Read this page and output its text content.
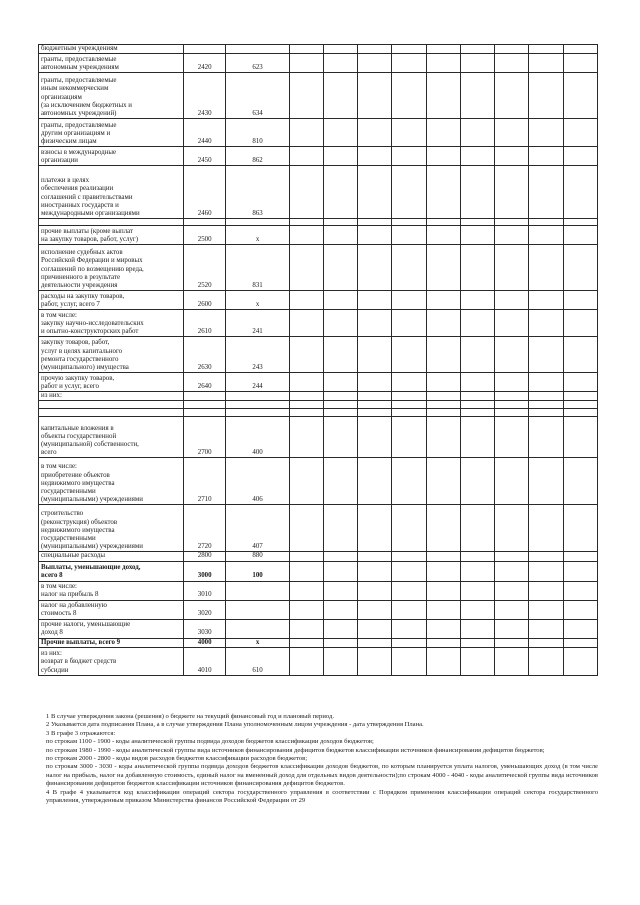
бюджетным учреждениям											
гранты, предоставляемые
автономным учреждениям	2420	623									
гранты, предоставляемые
иным некоммерческим
организациям
(за исключением бюджетных и
автономных учреждений)	2430	634									
гранты, предоставляемые
другим организациям и
физическим лицам	2440	810									
взносы в международные
организации	2450	862									
платежи в целях
обеспечения реализации
соглашений с правительствами
иностранных государств и
международными организациями	2460	863									

прочие выплаты (кроме выплат
на закупку товаров, работ, услуг)	2500	х									
исполнение судебных актов
Российской Федерации и мировых
соглашений по возмещению вреда,
причиненного в результате
деятельности учреждения	2520	831									
расходы на закупку товаров,
работ, услуг, всего 7	2600	х									
в том числе:
закупку научно-исследовательских
и опытно-конструкторских работ	2610	241									
закупку товаров, работ,
услуг в целях капитального
ремонта государственного
(муниципального) имущества	2630	243									
прочую закупку товаров,
работ и услуг, всего	2640	244									
из них:											

капитальные вложения в
объекты государственной
(муниципальной) собственности,
всего	2700	400									
в том числе:
приобретение объектов
недвижимого имущества
государственными
(муниципальными) учреждениями	2710	406									
строительство
(реконструкция) объектов
недвижимого имущества
государственными
(муниципальными) учреждениями	2720	407									
специальные расходы	2800	880									
Выплаты, уменьшающие доход,
всего 8	3000	100									
в том числе:
налог на прибыль 8	3010										
налог на добавленную
стоимость 8	3020										
прочие налоги, уменьшающие
доход 8	3030										
Прочие выплаты, всего 9	4000	х									
из них:
возврат в бюджет средств
субсидии	4010	610									
1 В случае утверждения закона (решения) о бюджете на текущий финансовый год и плановый период.
2 Указывается дата подписания Плана, а в случае утверждения Плана уполномоченным лицом учреждения - дата утверждения Плана.
3 В графе 3 отражаются:
по строкам 1100 - 1900 - коды аналитической группы подвида доходов бюджетов классификации доходов бюджетов;
по строкам 1980 - 1990 - коды аналитической группы вида источников финансирования дефицитов бюджетов классификации источников финансирования дефицитов бюджетов;
по строкам 2000 - 2800 - коды видов расходов бюджетов классификации расходов бюджетов;
по строкам 3000 - 3030 - коды аналитической группы подвида доходов бюджетов классификации доходов бюджетов, по которым планируется уплата налогов, уменьшающих доход (в том числе налог на прибыль, налог на добавленную стоимость, единый налог на вмененный доход для отдельных видов деятельности);по строкам 4000 - 4040 - коды аналитической группы вида источников финансирования дефицитов бюджетов классификации источников финансирования дефицитов бюджетов.
4 В графе 4 указывается код классификации операций сектора государственного управления в соответствии с Порядком применения классификации операций сектора государственного управления, утвержденным приказом Министерства финансов Российской Федерации от 29
